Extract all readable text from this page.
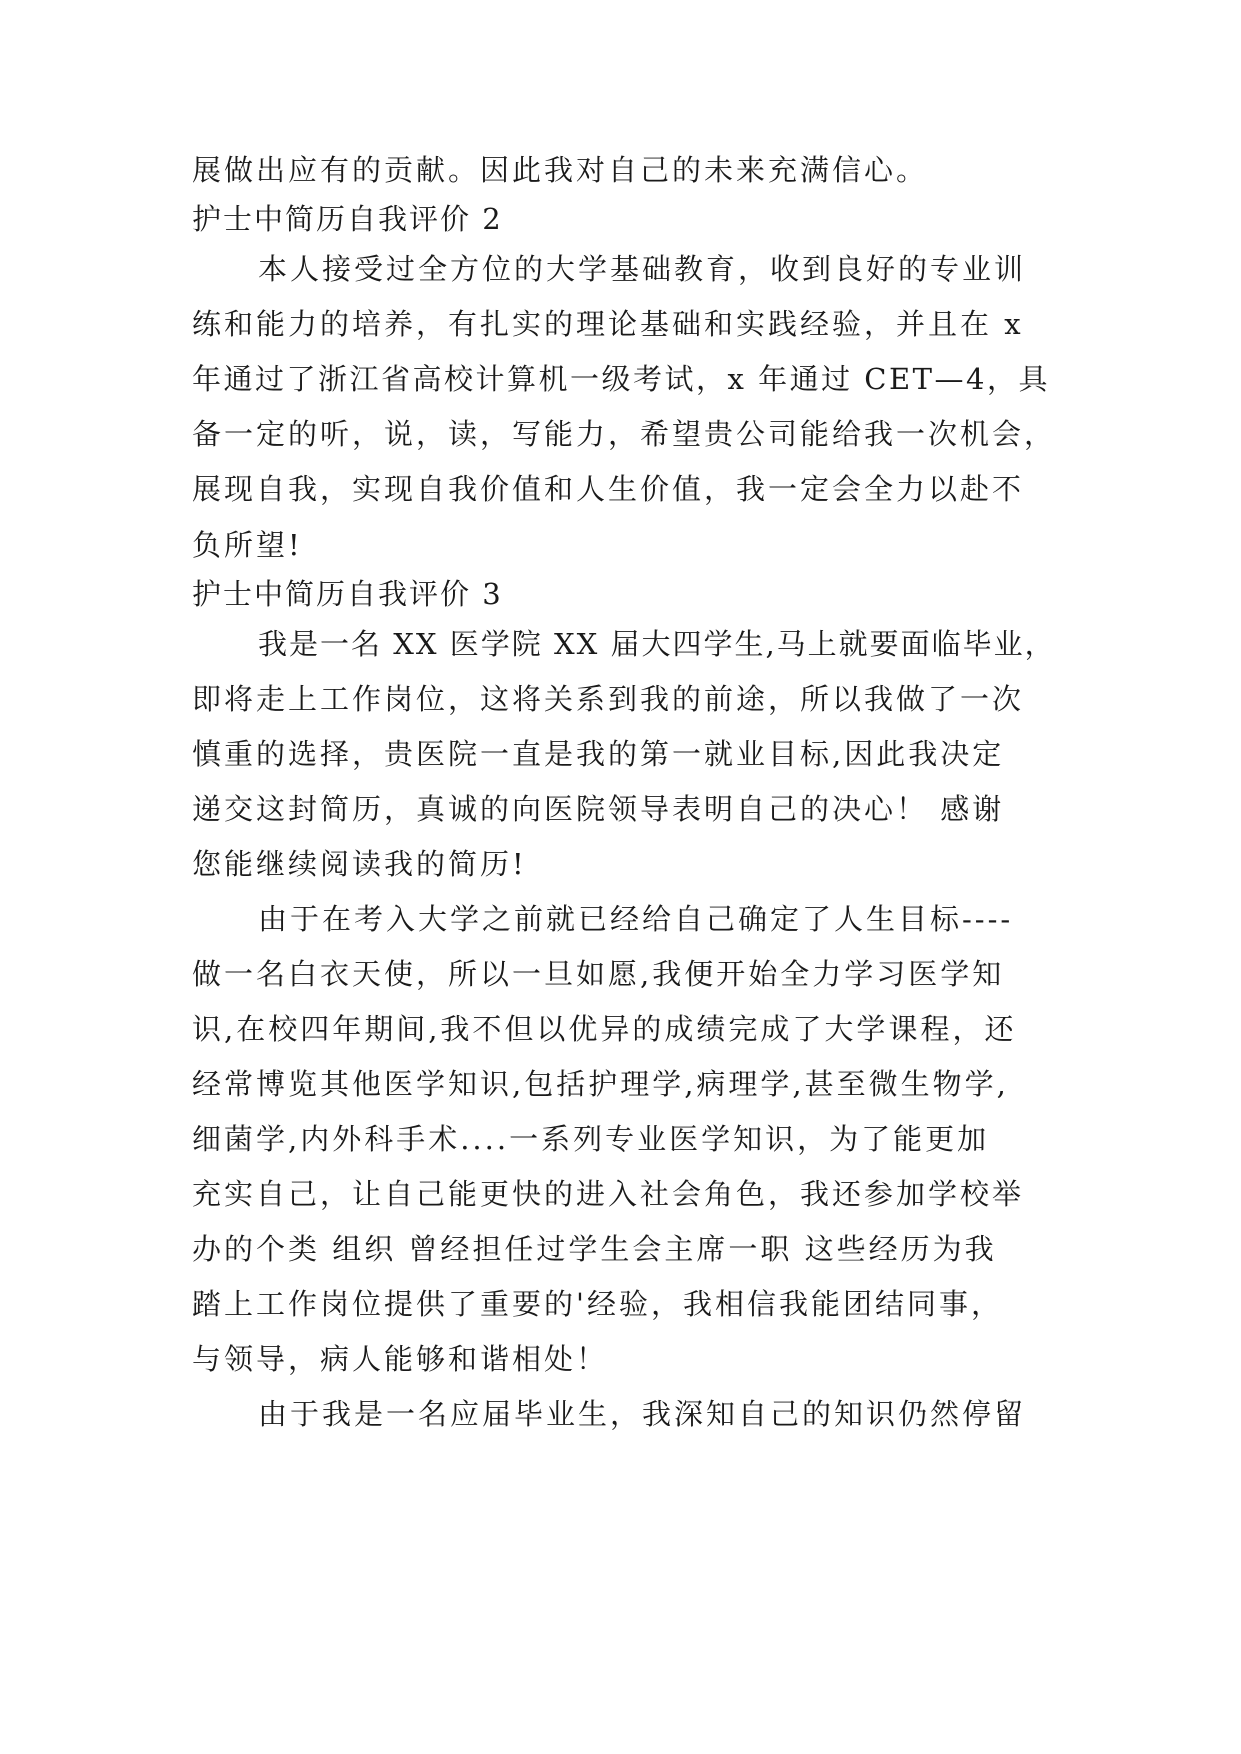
展做出应有的贡献。因此我对自己的未来充满信心。
护士中简历自我评价 2
本人接受过全方位的大学基础教育，收到良好的专业训
练和能力的培养，有扎实的理论基础和实践经验，并且在 x
年通过了浙江省高校计算机一级考试，x 年通过 CET—4，具
备一定的听，说，读，写能力，希望贵公司能给我一次机会，
展现自我，实现自我价值和人生价值，我一定会全力以赴不
负所望!
护士中简历自我评价 3
我是一名 XX 医学院 XX 届大四学生,马上就要面临毕业，
即将走上工作岗位，这将关系到我的前途，所以我做了一次
慎重的选择，贵医院一直是我的第一就业目标,因此我决定
递交这封简历，真诚的向医院领导表明自己的决心！ 感谢
您能继续阅读我的简历!
由于在考入大学之前就已经给自己确定了人生目标----
做一名白衣天使，所以一旦如愿,我便开始全力学习医学知
识,在校四年期间,我不但以优异的成绩完成了大学课程，还
经常博览其他医学知识,包括护理学,病理学,甚至微生物学,
细菌学,内外科手术....一系列专业医学知识，为了能更加
充实自己，让自己能更快的进入社会角色，我还参加学校举
办的个类 组织 曾经担任过学生会主席一职 这些经历为我
踏上工作岗位提供了重要的'经验，我相信我能团结同事，
与领导，病人能够和谐相处！
由于我是一名应届毕业生，我深知自己的知识仍然停留
